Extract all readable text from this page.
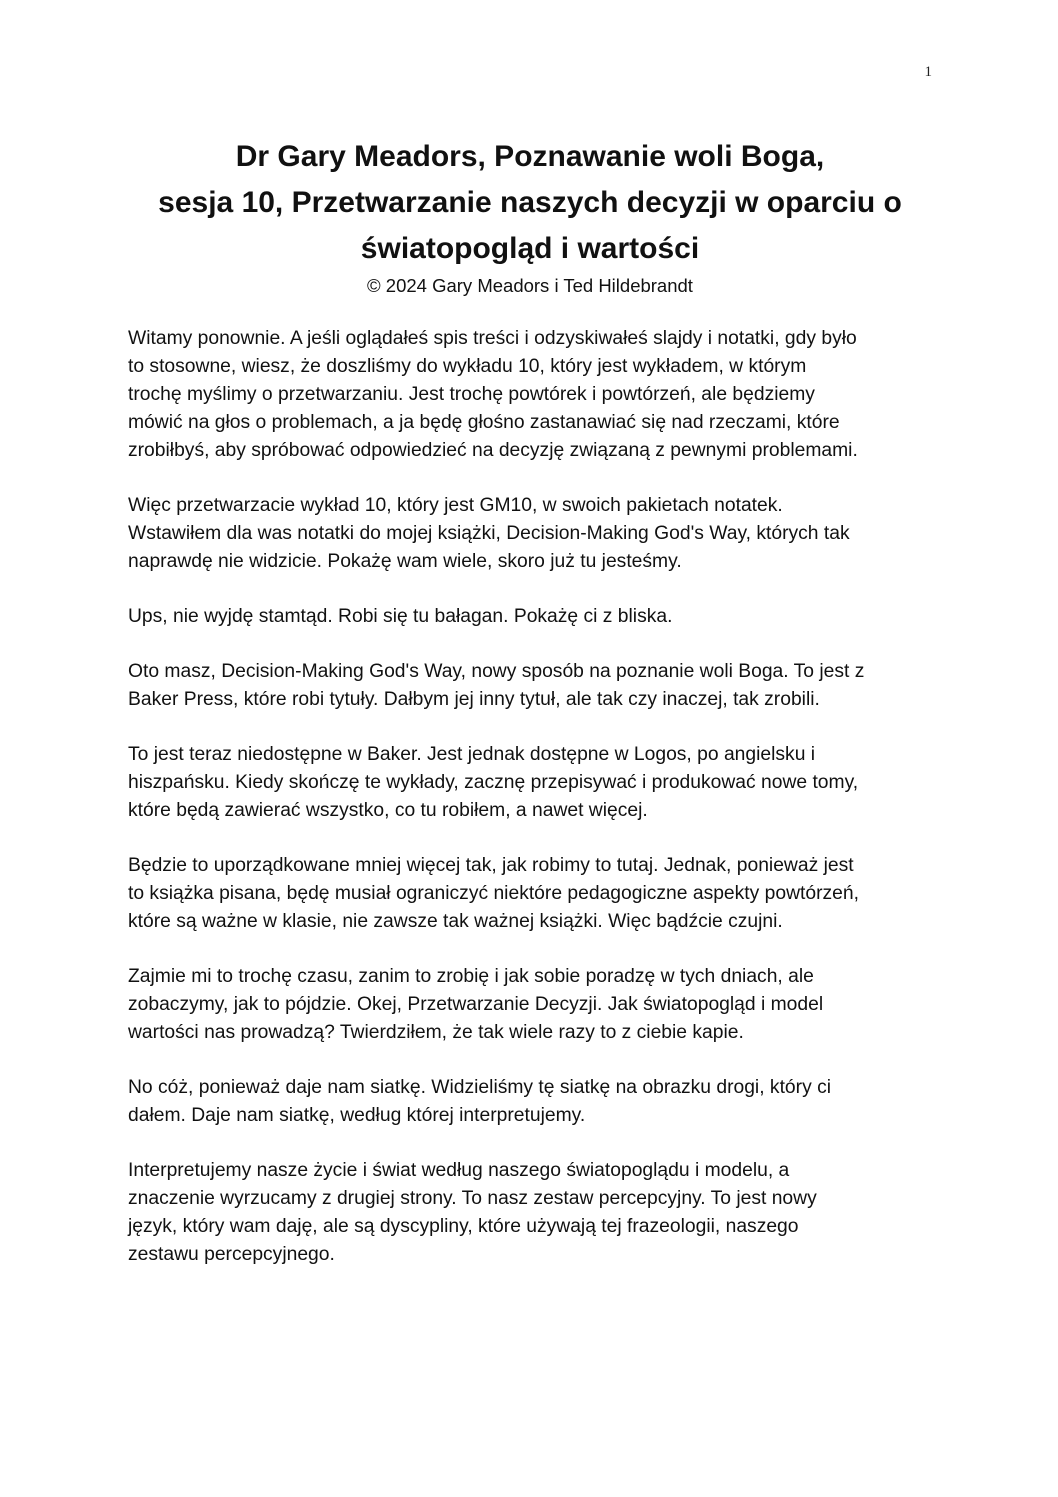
1
Dr Gary Meadors, Poznawanie woli Boga,
sesja 10, Przetwarzanie naszych decyzji w oparciu o
światopogląd i wartości
© 2024 Gary Meadors i Ted Hildebrandt

Witamy ponownie. A jeśli oglądałeś spis treści i odzyskiwałeś slajdy i notatki, gdy było
to stosowne, wiesz, że doszliśmy do wykładu 10, który jest wykładem, w którym
trochę myślimy o przetwarzaniu. Jest trochę powtórek i powtórzeń, ale będziemy
mówić na głos o problemach, a ja będę głośno zastanawiać się nad rzeczami, które
zrobiłbyś, aby spróbować odpowiedzieć na decyzję związaną z pewnymi problemami.

Więc przetwarzacie wykład 10, który jest GM10, w swoich pakietach notatek.
Wstawiłem dla was notatki do mojej książki, Decision-Making God's Way, których tak
naprawdę nie widzicie. Pokażę wam wiele, skoro już tu jesteśmy.

Ups, nie wyjdę stamtąd. Robi się tu bałagan. Pokażę ci z bliska.

Oto masz, Decision-Making God's Way, nowy sposób na poznanie woli Boga. To jest z
Baker Press, które robi tytuły. Dałbym jej inny tytuł, ale tak czy inaczej, tak zrobili.

To jest teraz niedostępne w Baker. Jest jednak dostępne w Logos, po angielsku i
hiszpańsku. Kiedy skończę te wykłady, zacznę przepisywać i produkować nowe tomy,
które będą zawierać wszystko, co tu robiłem, a nawet więcej.

Będzie to uporządkowane mniej więcej tak, jak robimy to tutaj. Jednak, ponieważ jest
to książka pisana, będę musiał ograniczyć niektóre pedagogiczne aspekty powtórzeń,
które są ważne w klasie, nie zawsze tak ważnej książki. Więc bądźcie czujni.

Zajmie mi to trochę czasu, zanim to zrobię i jak sobie poradzę w tych dniach, ale
zobaczymy, jak to pójdzie. Okej, Przetwarzanie Decyzji. Jak światopogląd i model
wartości nas prowadzą? Twierdziłem, że tak wiele razy to z ciebie kapie.

No cóż, ponieważ daje nam siatkę. Widzieliśmy tę siatkę na obrazku drogi, który ci
dałem. Daje nam siatkę, według której interpretujemy.

Interpretujemy nasze życie i świat według naszego światopoglądu i modelu, a
znaczenie wyrzucamy z drugiej strony. To nasz zestaw percepcyjny. To jest nowy
język, który wam daję, ale są dyscypliny, które używają tej frazeologii, naszego
zestawu percepcyjnego.
